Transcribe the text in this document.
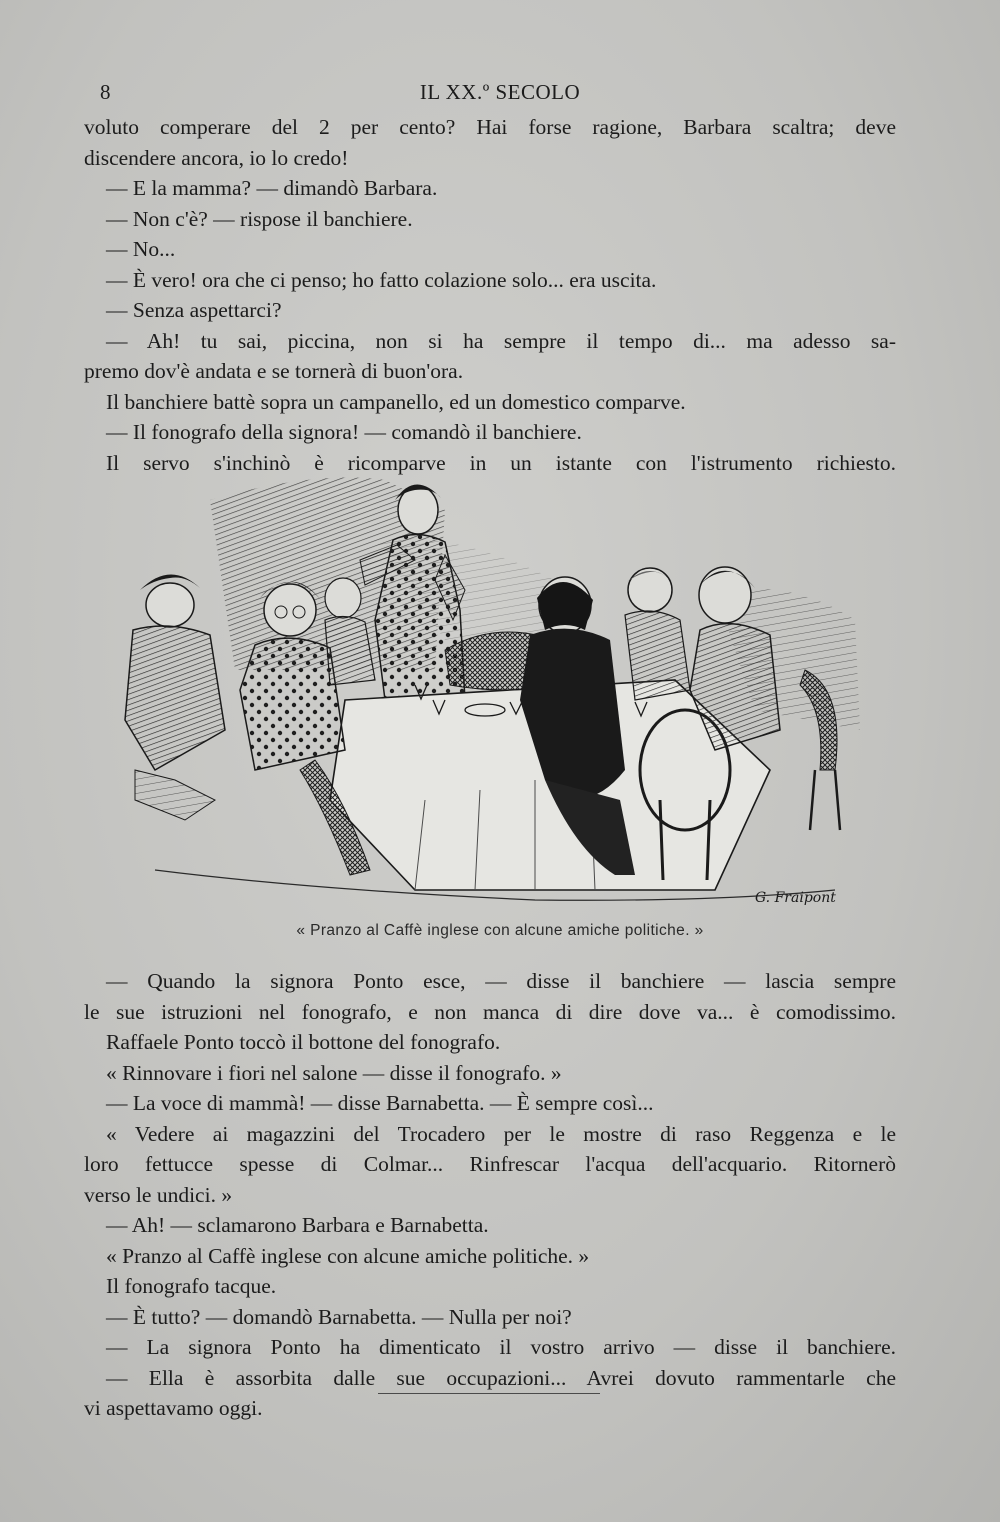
8	IL XX.º SECOLO

voluto comperare del 2 per cento? Hai forse ragione, Barbara scaltra; deve

discendere ancora, io lo credo!

— E la mamma? — dimandò Barbara.

— Non c'è? — rispose il banchiere.

— No...

— È vero! ora che ci penso; ho fatto colazione solo... era uscita.

— Senza aspettarci?

— Ah! tu sai, piccina, non si ha sempre il tempo di... ma adesso sa-

premo dov'è andata e se tornerà di buon'ora.

Il banchiere battè sopra un campanello, ed un domestico comparve.

— Il fonografo della signora! — comandò il banchiere.

Il servo s'inchinò è ricomparve in un istante con l'istrumento richiesto.

G. Fraipont
« Pranzo al Caffè inglese con alcune amiche politiche. »

— Quando la signora Ponto esce, — disse il banchiere — lascia sempre

le sue istruzioni nel fonografo, e non manca di dire dove va... è comodissimo.

Raffaele Ponto toccò il bottone del fonografo.

« Rinnovare i fiori nel salone — disse il fonografo. »

— La voce di mammà! — disse Barnabetta. — È sempre così...

« Vedere ai magazzini del Trocadero per le mostre di raso Reggenza e le

loro fettucce spesse di Colmar... Rinfrescar l'acqua dell'acquario. Ritornerò

verso le undici. »

— Ah! — sclamarono Barbara e Barnabetta.

« Pranzo al Caffè inglese con alcune amiche politiche. »

Il fonografo tacque.

— È tutto? — domandò Barnabetta. — Nulla per noi?

— La signora Ponto ha dimenticato il vostro arrivo — disse il banchiere.

— Ella è assorbita dalle sue occupazioni... Avrei dovuto rammentarle che

vi aspettavamo oggi.
